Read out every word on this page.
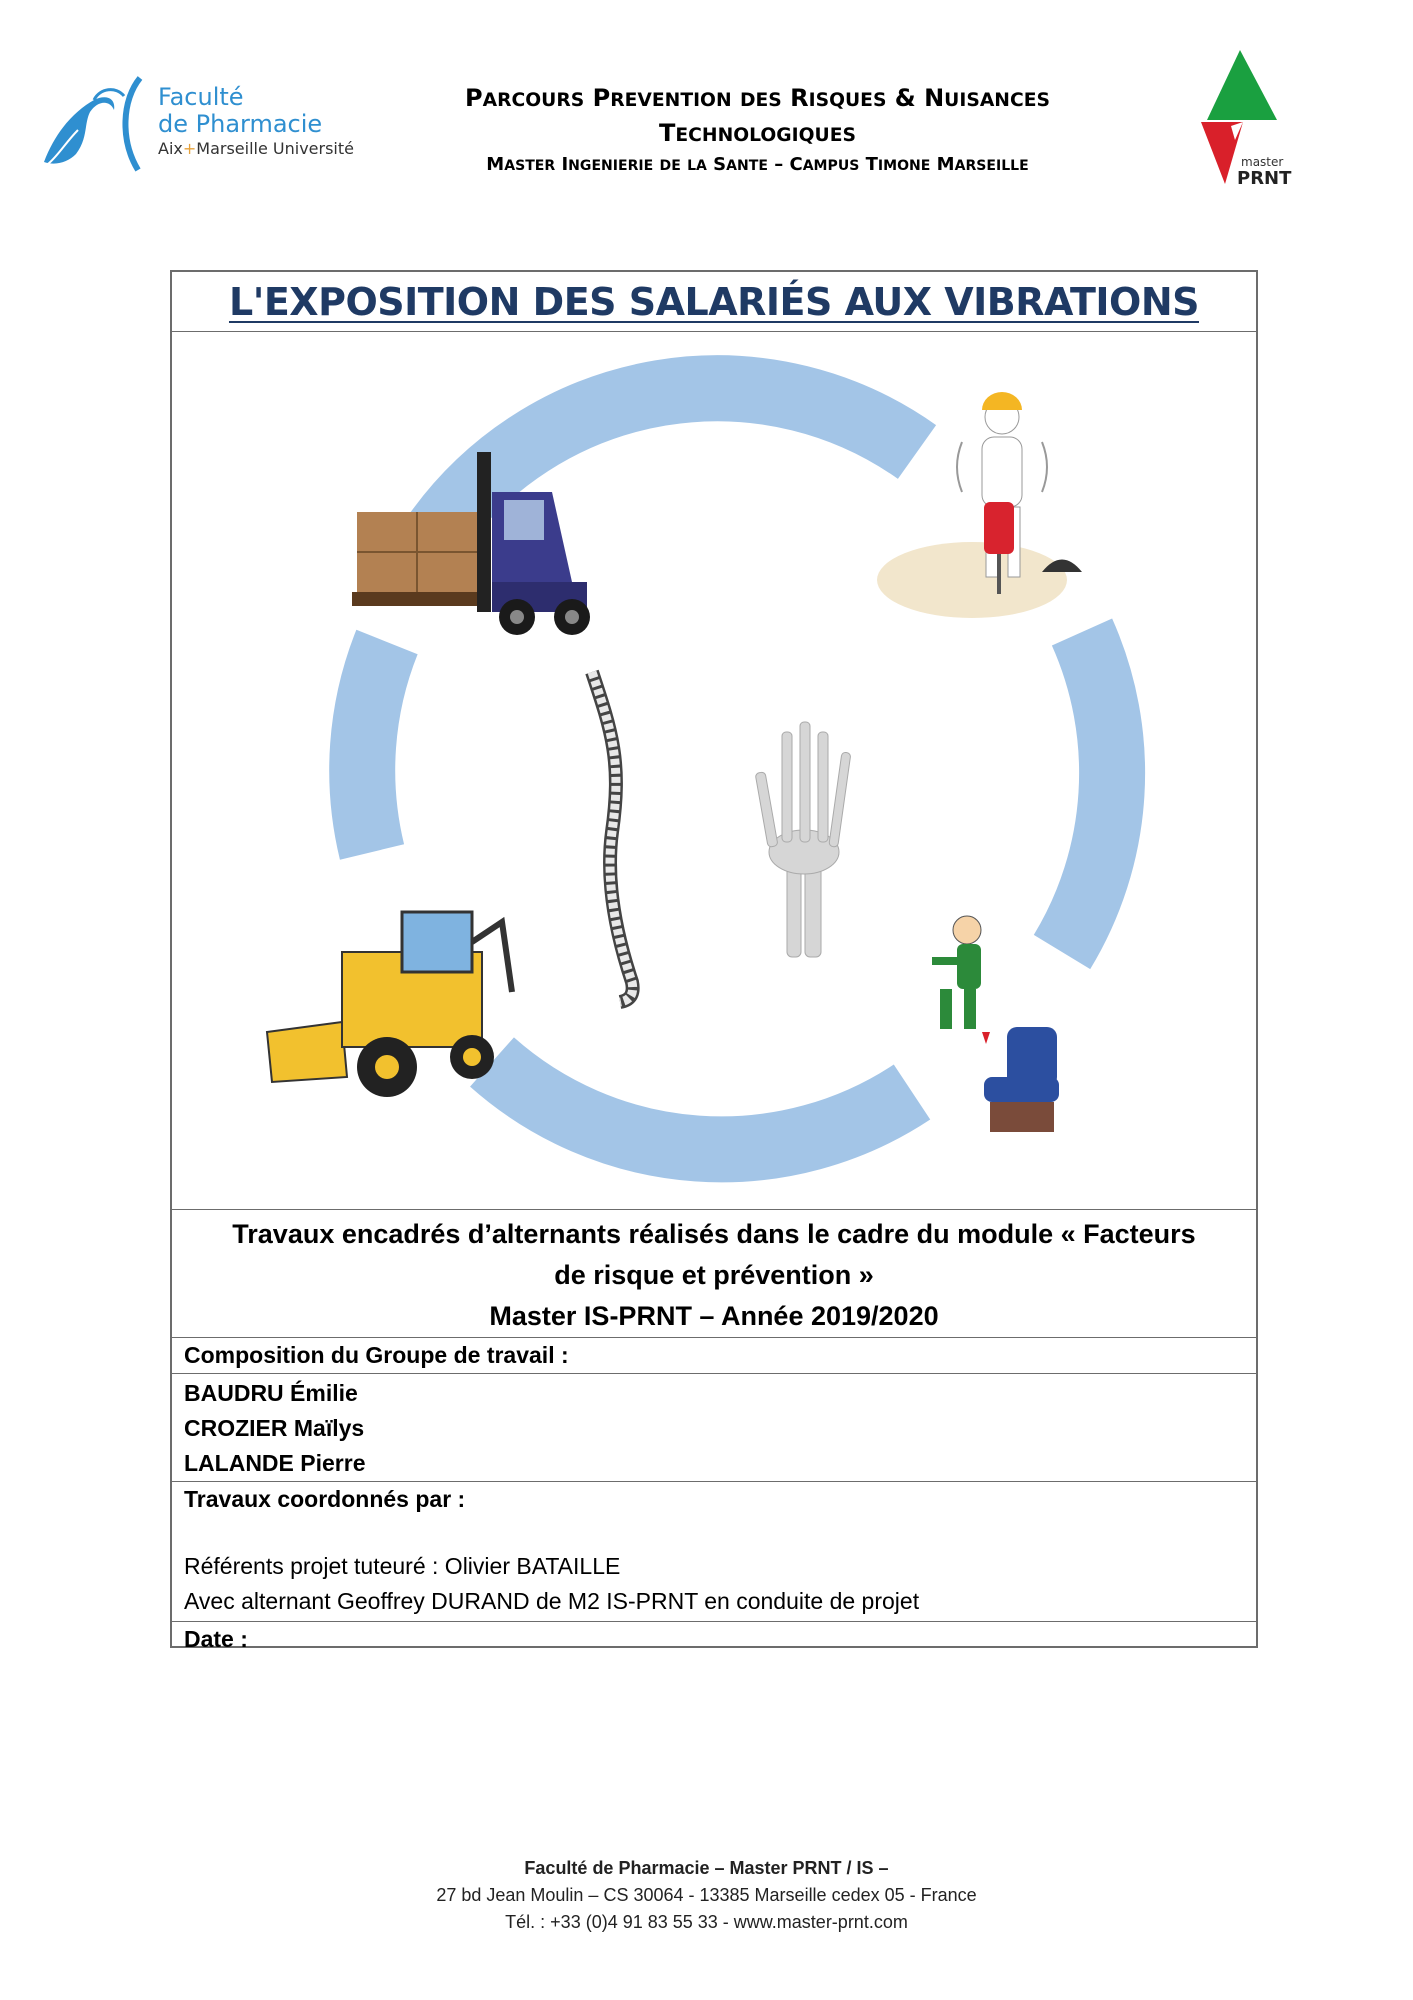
Faculté
de Pharmacie
Aix+Marseille Université
PARCOURS PREVENTION DES RISQUES & NUISANCES
TECHNOLOGIQUES
MASTER INGENIERIE DE LA SANTE – CAMPUS TIMONE MARSEILLE	master
PRNT
L'EXPOSITION DES SALARIÉS AUX VIBRATIONS
Travaux encadrés d’alternants réalisés dans le cadre du module « Facteurs
de risque et prévention »
Master IS-PRNT – Année 2019/2020
Composition du Groupe de travail :
BAUDRU Émilie
CROZIER Maïlys
LALANDE Pierre
Travaux coordonnés par :
Référents projet tuteuré : Olivier BATAILLE
Avec alternant Geoffrey DURAND de M2 IS-PRNT en conduite de projet
Date :
Faculté de Pharmacie – Master PRNT / IS –
27 bd Jean Moulin – CS 30064 - 13385 Marseille cedex 05 - France
Tél. : +33 (0)4 91 83 55 33 - www.master-prnt.com
